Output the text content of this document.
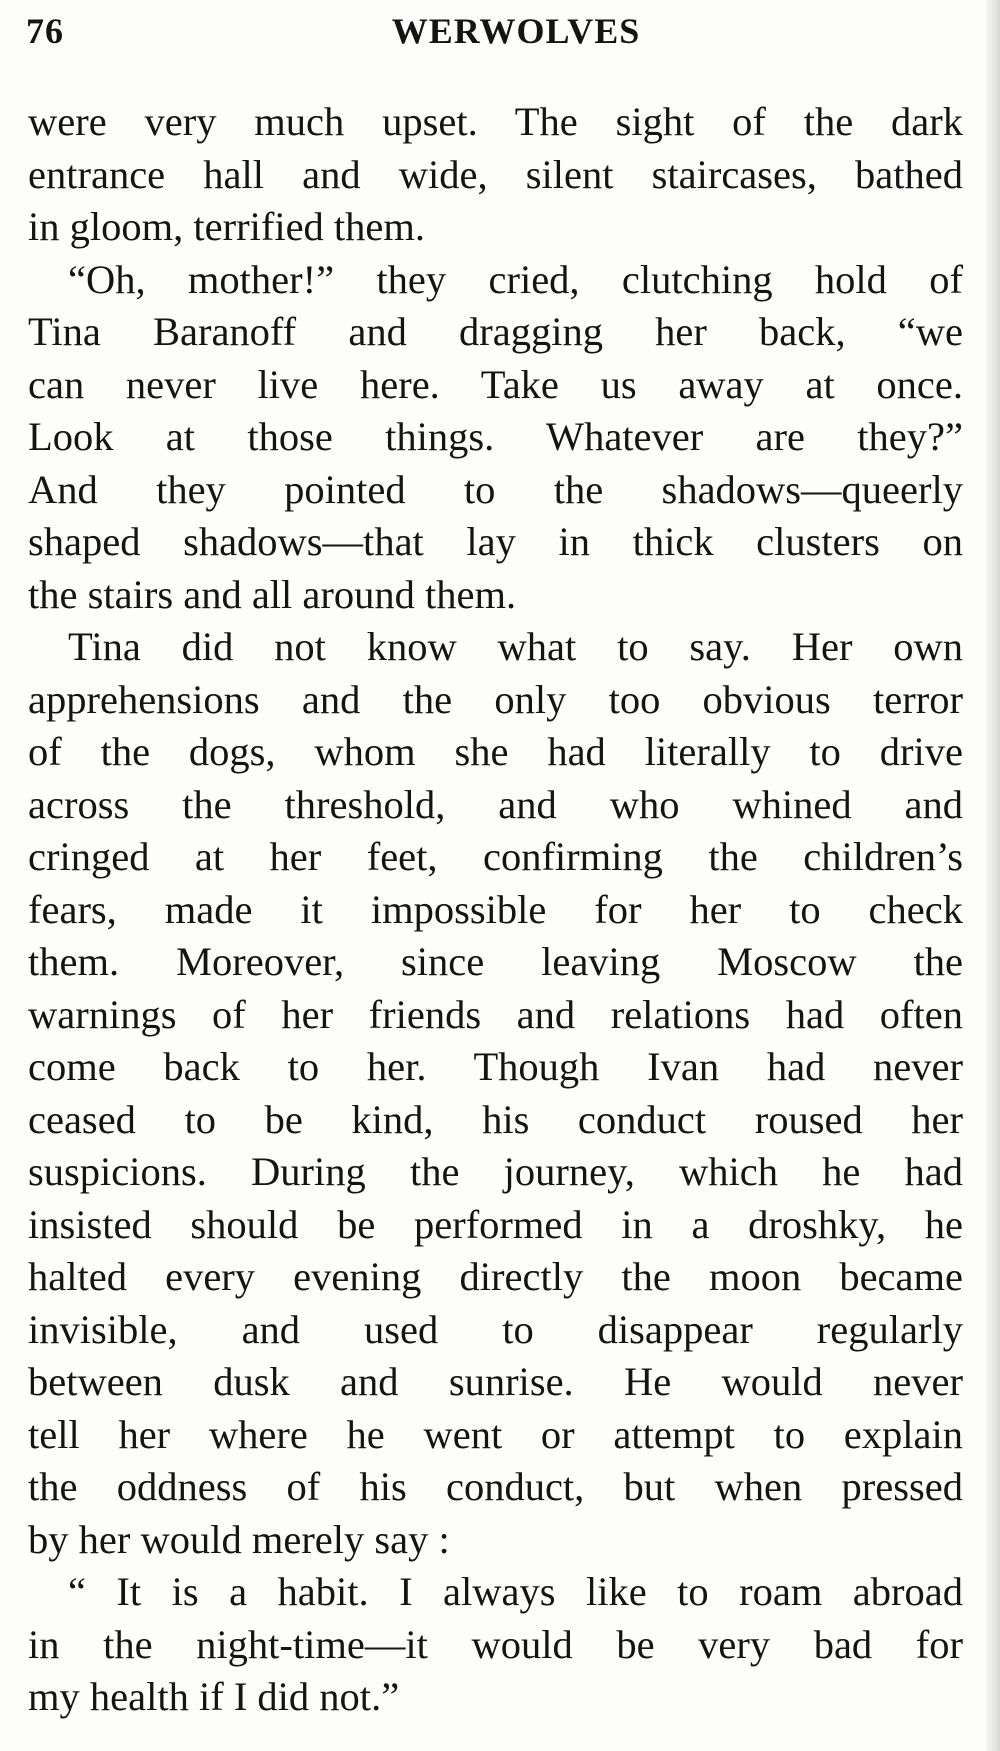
76	WERWOLVES

were very much upset. The sight of the dark
entrance hall and wide, silent staircases, bathed
in gloom, terrified them.
“Oh, mother!” they cried, clutching hold of
Tina Baranoff and dragging her back, “we
can never live here. Take us away at once.
Look at those things. Whatever are they?”
And they pointed to the shadows—queerly
shaped shadows—that lay in thick clusters on
the stairs and all around them.
Tina did not know what to say. Her own
apprehensions and the only too obvious terror
of the dogs, whom she had literally to drive
across the threshold, and who whined and
cringed at her feet, confirming the children’s
fears, made it impossible for her to check
them. Moreover, since leaving Moscow the
warnings of her friends and relations had often
come back to her. Though Ivan had never
ceased to be kind, his conduct roused her
suspicions. During the journey, which he had
insisted should be performed in a droshky, he
halted every evening directly the moon became
invisible, and used to disappear regularly
between dusk and sunrise. He would never
tell her where he went or attempt to explain
the oddness of his conduct, but when pressed
by her would merely say :
“ It is a habit. I always like to roam abroad
in the night-time—it would be very bad for
my health if I did not.”
